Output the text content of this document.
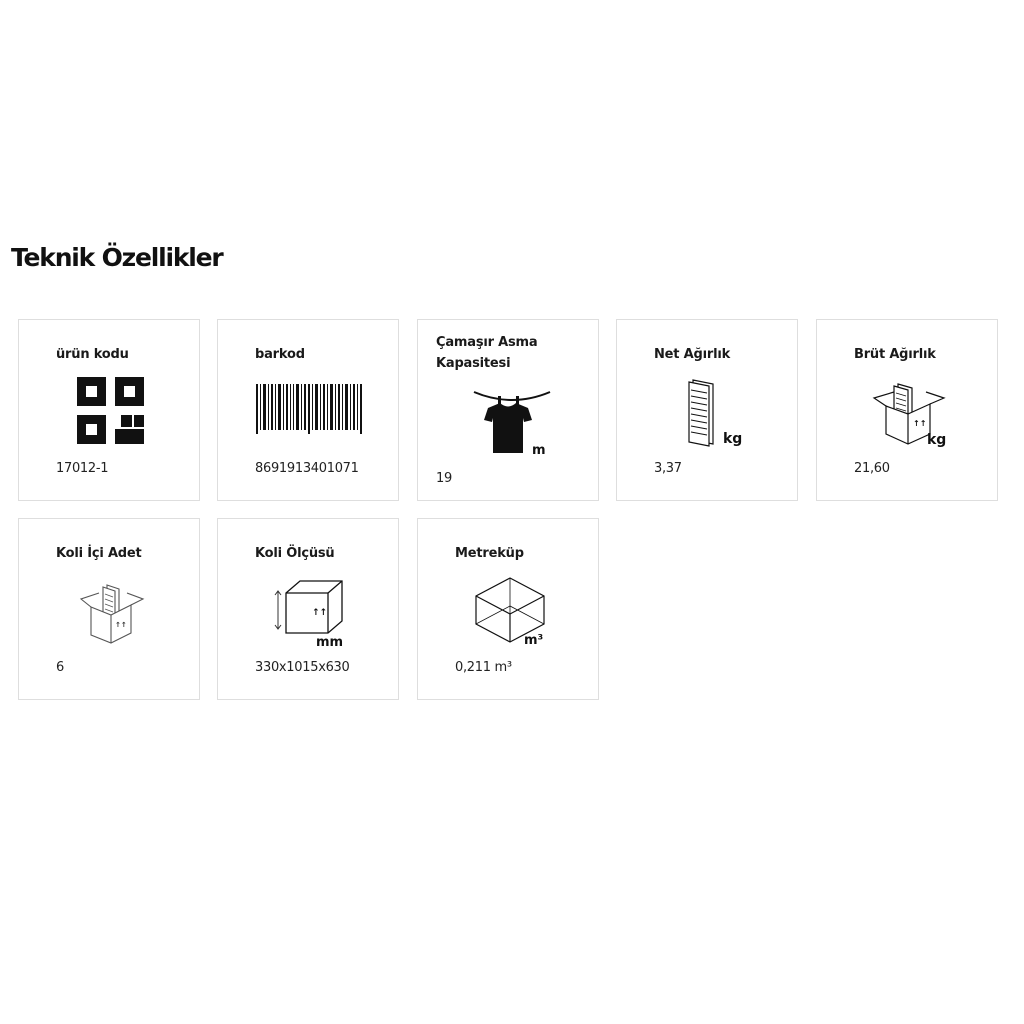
Teknik Özellikler
ürün kodu
17012-1
barkod
8691913401071
Çamaşır Asma Kapasitesi
m
19
Net Ağırlık
kg
3,37
Brüt Ağırlık
↑↑
kg
21,60
Koli İçi Adet
↑↑
6
Koli Ölçüsü
↑↑
mm
330x1015x630
Metreküp
m³
0,211 m³
